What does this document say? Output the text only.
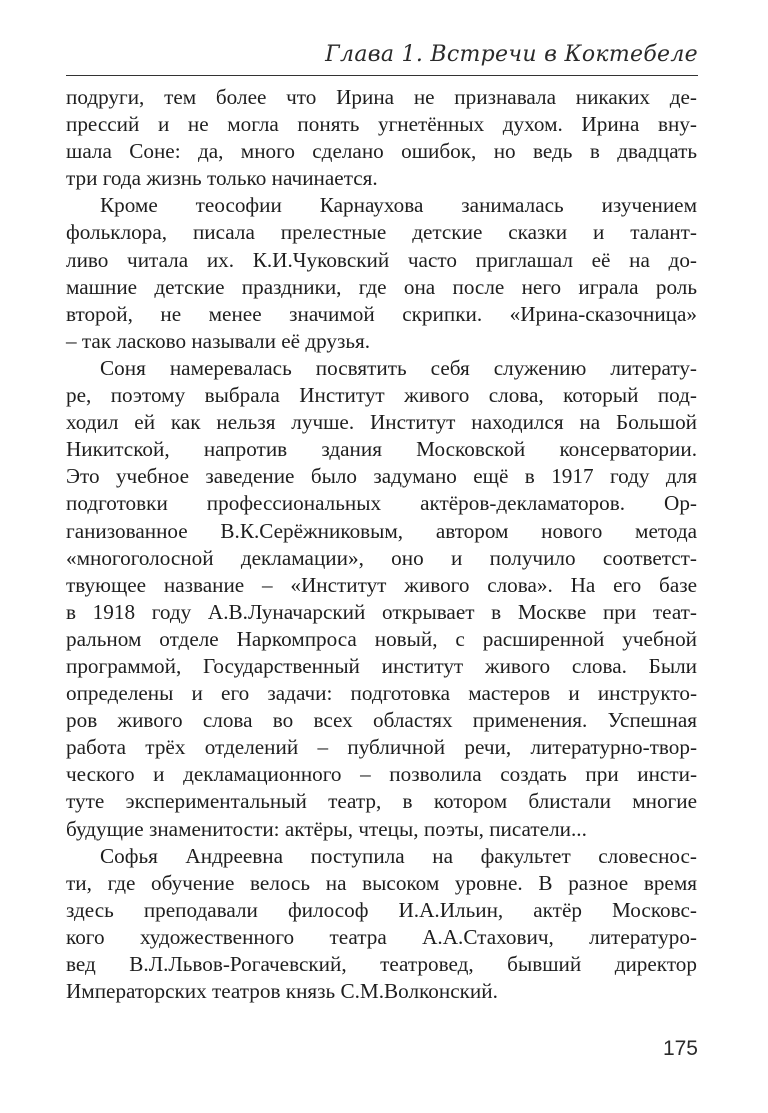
Глава 1. Встречи в Коктебеле
подруги, тем более что Ирина не признавала никаких де-
прессий и не могла понять угнетённых духом. Ирина вну-
шала Соне: да, много сделано ошибок, но ведь в двадцать
три года жизнь только начинается.
Кроме теософии Карнаухова занималась изучением
фольклора, писала прелестные детские сказки и талант-
ливо читала их. К.И.Чуковский часто приглашал её на до-
машние детские праздники, где она после него играла роль
второй, не менее значимой скрипки. «Ирина-сказочница»
– так ласково называли её друзья.
Соня намеревалась посвятить себя служению литерату-
ре, поэтому выбрала Институт живого слова, который под-
ходил ей как нельзя лучше. Институт находился на Большой
Никитской, напротив здания Московской консерватории.
Это учебное заведение было задумано ещё в 1917 году для
подготовки профессиональных актёров-декламаторов. Ор-
ганизованное В.К.Серёжниковым, автором нового метода
«многоголосной декламации», оно и получило соответст-
твующее название – «Институт живого слова». На его базе
в 1918 году А.В.Луначарский открывает в Москве при теат-
ральном отделе Наркомпроса новый, с расширенной учебной
программой, Государственный институт живого слова. Были
определены и его задачи: подготовка мастеров и инструкто-
ров живого слова во всех областях применения. Успешная
работа трёх отделений – публичной речи, литературно-твор-
ческого и декламационного – позволила создать при инсти-
туте экспериментальный театр, в котором блистали многие
будущие знаменитости: актёры, чтецы, поэты, писатели...
Софья Андреевна поступила на факультет словеснос-
ти, где обучение велось на высоком уровне. В разное время
здесь преподавали философ И.А.Ильин, актёр Московс-
кого художественного театра А.А.Стахович, литературо-
вед В.Л.Львов-Рогачевский, театровед, бывший директор
Императорских театров князь С.М.Волконский.
175
